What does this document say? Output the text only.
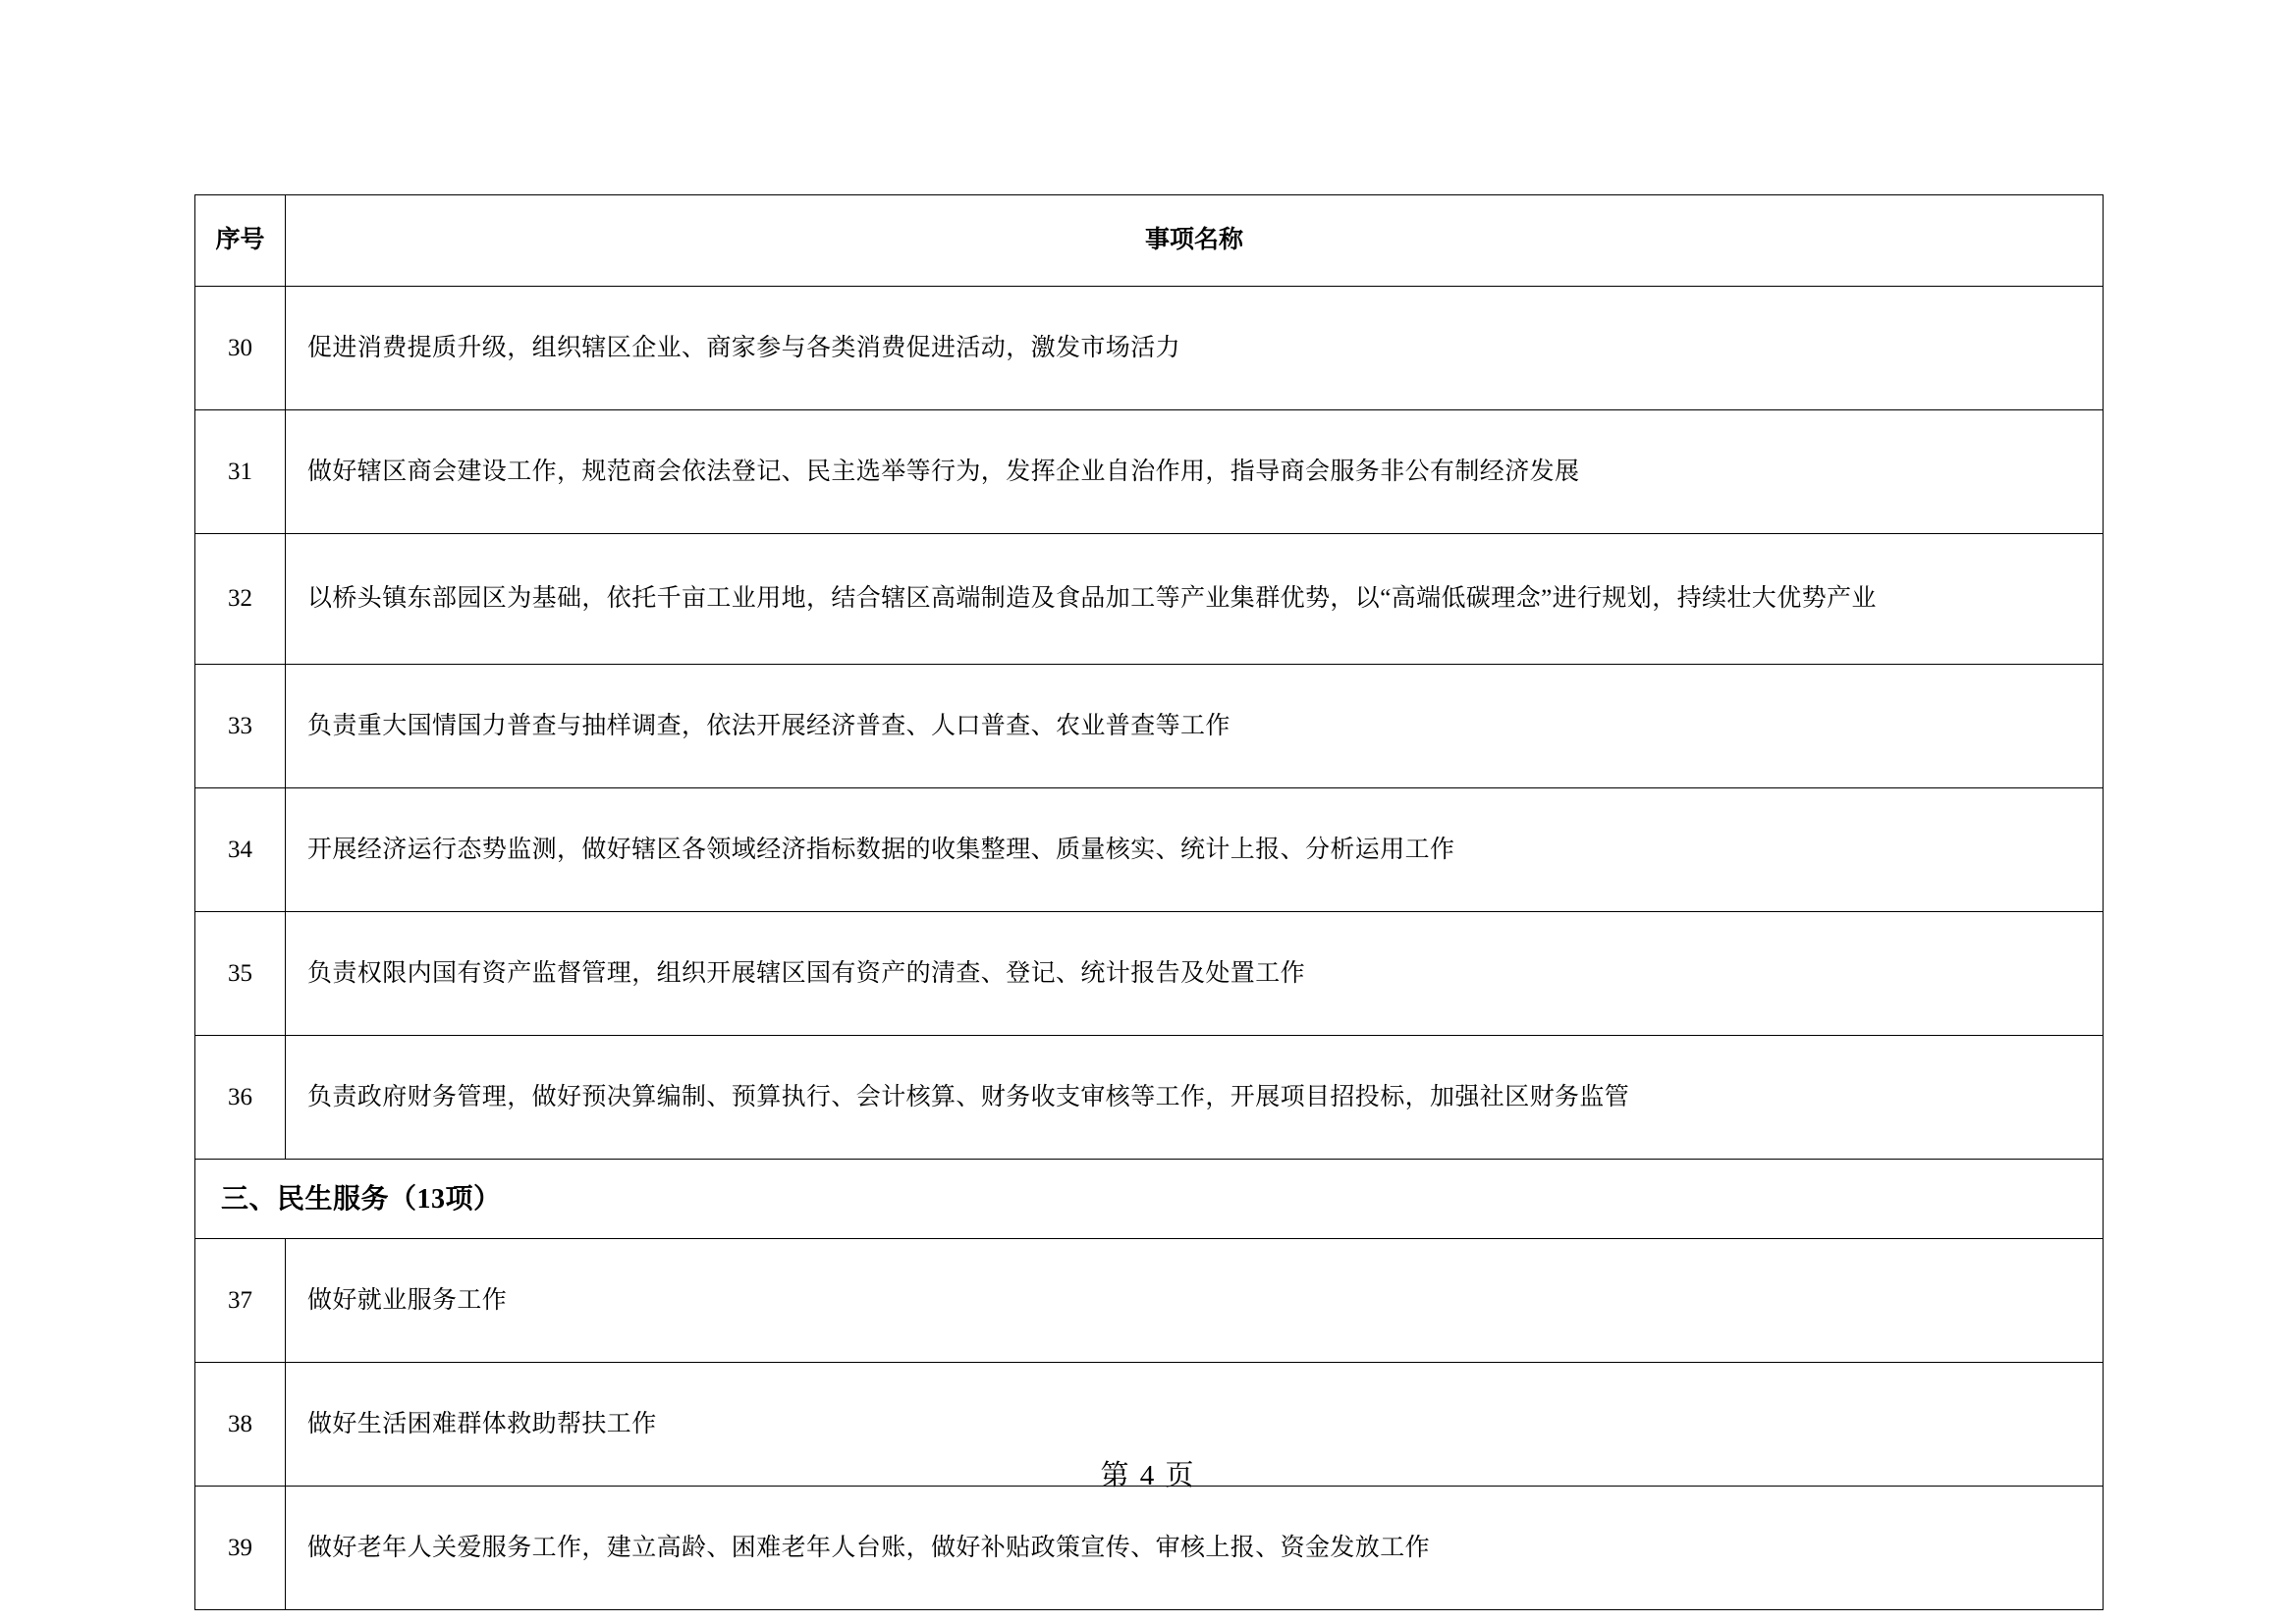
序号	事项名称
30	促进消费提质升级，组织辖区企业、商家参与各类消费促进活动，激发市场活力

31	做好辖区商会建设工作，规范商会依法登记、民主选举等行为，发挥企业自治作用，指导商会服务非公有制经济发展

32	以桥头镇东部园区为基础，依托千亩工业用地，结合辖区高端制造及食品加工等产业集群优势，以“高端低碳理念”进行规划，持续壮大优势产业

33	负责重大国情国力普查与抽样调查，依法开展经济普查、人口普查、农业普查等工作

34	开展经济运行态势监测，做好辖区各领域经济指标数据的收集整理、质量核实、统计上报、分析运用工作

35	负责权限内国有资产监督管理，组织开展辖区国有资产的清查、登记、统计报告及处置工作

36	负责政府财务管理，做好预决算编制、预算执行、会计核算、财务收支审核等工作，开展项目招投标，加强社区财务监管

三、民生服务（13项）	
37	做好就业服务工作

38	做好生活困难群体救助帮扶工作

39	做好老年人关爱服务工作，建立高龄、困难老年人台账，做好补贴政策宣传、审核上报、资金发放工作
第 4 页
